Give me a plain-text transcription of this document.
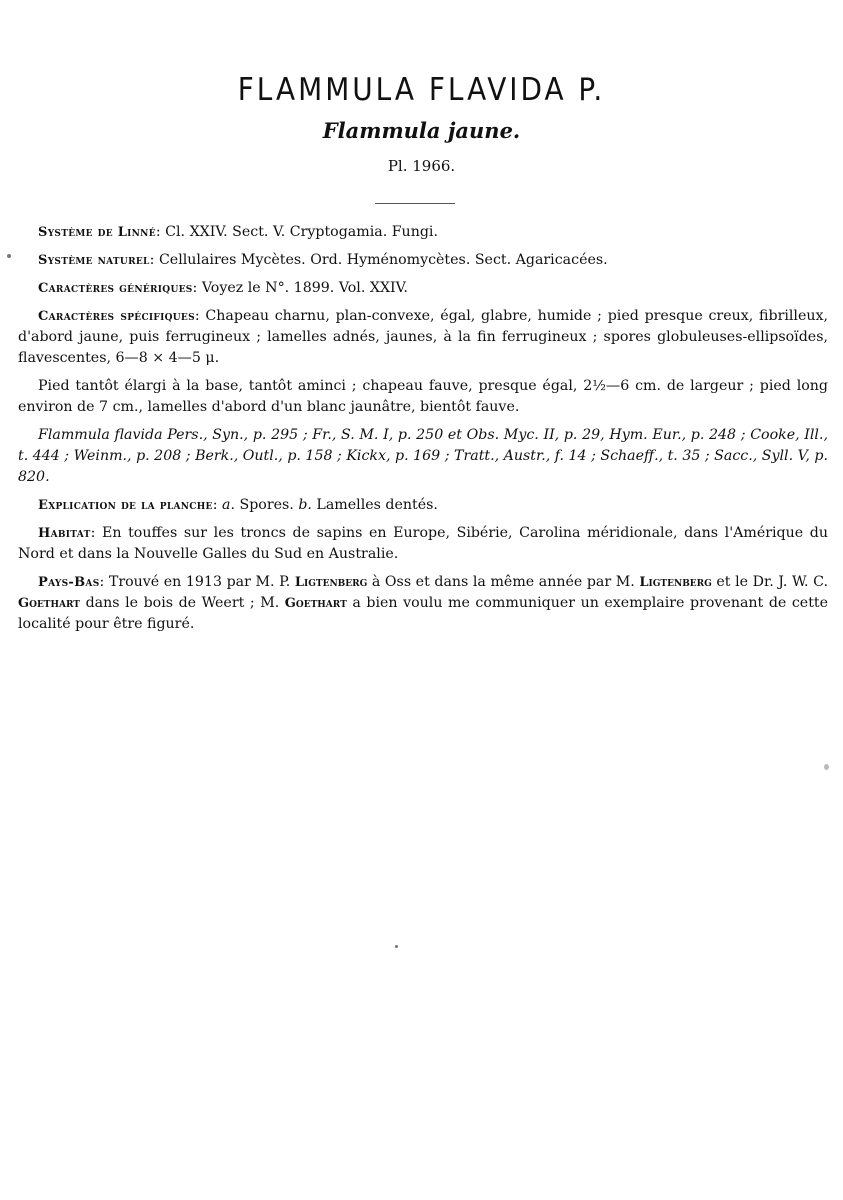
FLAMMULA FLAVIDA P.
Flammula jaune.
Pl. 1966.

Système de Linné: Cl. XXIV. Sect. V. Cryptogamia. Fungi.

Système naturel: Cellulaires Mycètes. Ord. Hyménomycètes. Sect. Agaricacées.

Caractères génériques: Voyez le N°. 1899. Vol. XXIV.

Caractères spécifiques: Chapeau charnu, plan-convexe, égal, glabre, humide ; pied presque creux, fibrilleux, d'abord jaune, puis ferrugineux ; lamelles adnés, jaunes, à la fin ferrugineux ; spores globuleuses-ellipsoïdes, flavescentes, 6—8 × 4—5 μ.

Pied tantôt élargi à la base, tantôt aminci ; chapeau fauve, presque égal, 2½—6 cm. de largeur ; pied long environ de 7 cm., lamelles d'abord d'un blanc jaunâtre, bientôt fauve.

Flammula flavida Pers., Syn., p. 295 ; Fr., S. M. I, p. 250 et Obs. Myc. II, p. 29, Hym. Eur., p. 248 ; Cooke, Ill., t. 444 ; Weinm., p. 208 ; Berk., Outl., p. 158 ; Kickx, p. 169 ; Tratt., Austr., f. 14 ; Schaeff., t. 35 ; Sacc., Syll. V, p. 820.

Explication de la planche: a. Spores. b. Lamelles dentés.

Habitat: En touffes sur les troncs de sapins en Europe, Sibérie, Carolina méridionale, dans l'Amérique du Nord et dans la Nouvelle Galles du Sud en Australie.

Pays-Bas: Trouvé en 1913 par M. P. Ligtenberg à Oss et dans la même année par M. Ligtenberg et le Dr. J. W. C. Goethart dans le bois de Weert ; M. Goethart a bien voulu me communiquer un exemplaire provenant de cette localité pour être figuré.
